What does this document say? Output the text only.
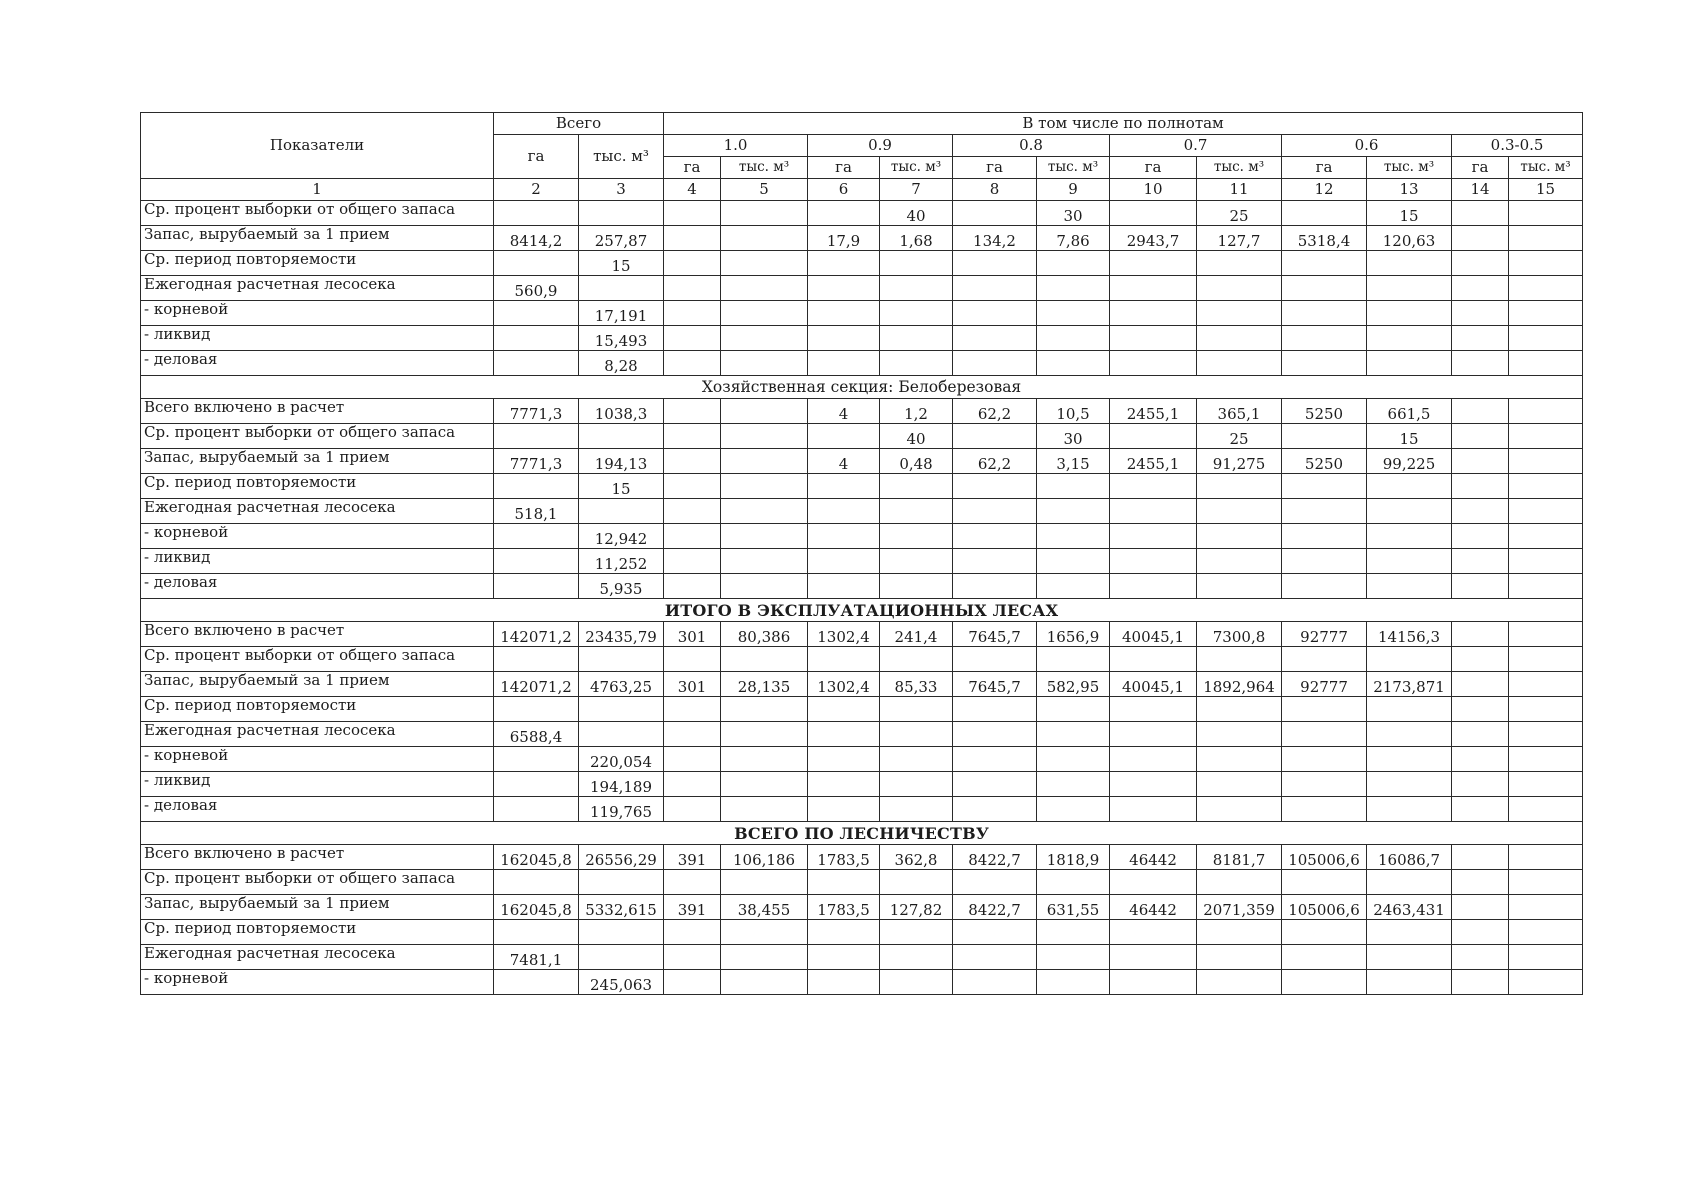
Показатели	Всего		В том числе по полнотам											
	га	тыс. м³	1.0		0.9		0.8		0.7		0.6		0.3-0.5	
			га	тыс. м³	га	тыс. м³	га	тыс. м³	га	тыс. м³	га	тыс. м³	га	тыс. м³
1	2	3	4	5	6	7	8	9	10	11	12	13	14	15
Ср. процент выборки от общего запаса						40		30		25		15		
Запас, вырубаемый за 1 прием	8414,2	257,87			17,9	1,68	134,2	7,86	2943,7	127,7	5318,4	120,63		
Ср. период повторяемости		15												
Ежегодная расчетная лесосека	560,9													
- корневой		17,191												
- ликвид		15,493												
- деловая		8,28												
Хозяйственная секция: Белоберезовая														
Всего включено в расчет	7771,3	1038,3			4	1,2	62,2	10,5	2455,1	365,1	5250	661,5		
Ср. процент выборки от общего запаса						40		30		25		15		
Запас, вырубаемый за 1 прием	7771,3	194,13			4	0,48	62,2	3,15	2455,1	91,275	5250	99,225		
Ср. период повторяемости		15												
Ежегодная расчетная лесосека	518,1													
- корневой		12,942												
- ликвид		11,252												
- деловая		5,935												
ИТОГО В ЭКСПЛУАТАЦИОННЫХ ЛЕСАХ														
Всего включено в расчет	142071,2	23435,79	301	80,386	1302,4	241,4	7645,7	1656,9	40045,1	7300,8	92777	14156,3		
Ср. процент выборки от общего запаса														
Запас, вырубаемый за 1 прием	142071,2	4763,25	301	28,135	1302,4	85,33	7645,7	582,95	40045,1	1892,964	92777	2173,871		
Ср. период повторяемости														
Ежегодная расчетная лесосека	6588,4													
- корневой		220,054												
- ликвид		194,189												
- деловая		119,765												
ВСЕГО ПО ЛЕСНИЧЕСТВУ														
Всего включено в расчет	162045,8	26556,29	391	106,186	1783,5	362,8	8422,7	1818,9	46442	8181,7	105006,6	16086,7		
Ср. процент выборки от общего запаса														
Запас, вырубаемый за 1 прием	162045,8	5332,615	391	38,455	1783,5	127,82	8422,7	631,55	46442	2071,359	105006,6	2463,431		
Ср. период повторяемости														
Ежегодная расчетная лесосека	7481,1													
- корневой		245,063												
